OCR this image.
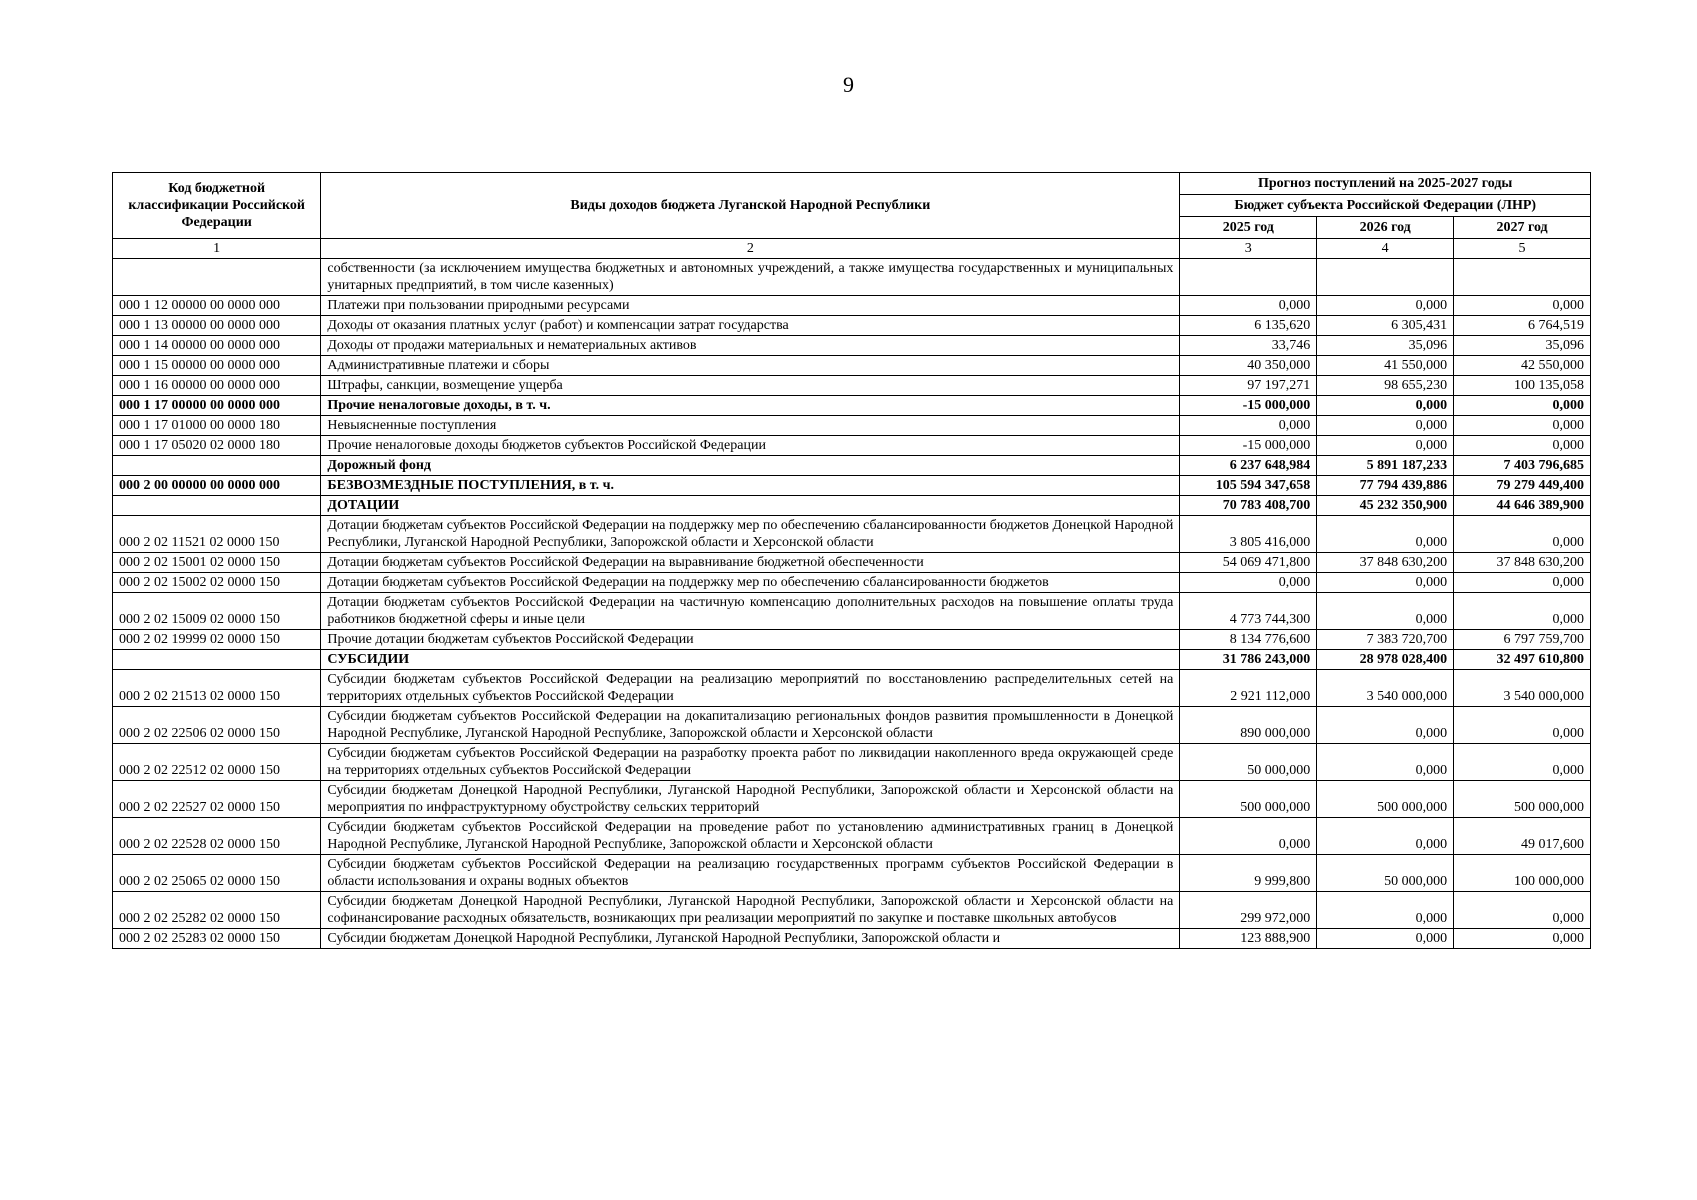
9
Код бюджетной классификации Российской Федерации	Виды доходов бюджета Луганской Народной Республики	Прогноз поступлений на 2025-2027 годы		
		Бюджет субъекта Российской Федерации (ЛНР)		
		2025 год	2026 год	2027 год
1	2	3	4	5
	собственности (за исключением имущества бюджетных и автономных учреждений, а также имущества государственных и муниципальных унитарных предприятий, в том числе казенных)			
000 1 12 00000 00 0000 000	Платежи при пользовании природными ресурсами	0,000	0,000	0,000
000 1 13 00000 00 0000 000	Доходы от оказания платных услуг (работ) и компенсации затрат государства	6 135,620	6 305,431	6 764,519
000 1 14 00000 00 0000 000	Доходы от продажи материальных и нематериальных активов	33,746	35,096	35,096
000 1 15 00000 00 0000 000	Административные платежи и сборы	40 350,000	41 550,000	42 550,000
000 1 16 00000 00 0000 000	Штрафы, санкции, возмещение ущерба	97 197,271	98 655,230	100 135,058
000 1 17 00000 00 0000 000	Прочие неналоговые доходы, в т. ч.	-15 000,000	0,000	0,000
000 1 17 01000 00 0000 180	Невыясненные поступления	0,000	0,000	0,000
000 1 17 05020 02 0000 180	Прочие неналоговые доходы бюджетов субъектов Российской Федерации	-15 000,000	0,000	0,000
	Дорожный фонд	6 237 648,984	5 891 187,233	7 403 796,685
000 2 00 00000 00 0000 000	БЕЗВОЗМЕЗДНЫЕ ПОСТУПЛЕНИЯ, в т. ч.	105 594 347,658	77 794 439,886	79 279 449,400
	ДОТАЦИИ	70 783 408,700	45 232 350,900	44 646 389,900
000 2 02 11521 02 0000 150	Дотации бюджетам субъектов Российской Федерации на поддержку мер по обеспечению сбалансированности бюджетов Донецкой Народной Республики, Луганской Народной Республики, Запорожской области и Херсонской области	3 805 416,000	0,000	0,000
000 2 02 15001 02 0000 150	Дотации бюджетам субъектов Российской Федерации на выравнивание бюджетной обеспеченности	54 069 471,800	37 848 630,200	37 848 630,200
000 2 02 15002 02 0000 150	Дотации бюджетам субъектов Российской Федерации на поддержку мер по обеспечению сбалансированности бюджетов	0,000	0,000	0,000
000 2 02 15009 02 0000 150	Дотации бюджетам субъектов Российской Федерации на частичную компенсацию дополнительных расходов на повышение оплаты труда работников бюджетной сферы и иные цели	4 773 744,300	0,000	0,000
000 2 02 19999 02 0000 150	Прочие дотации бюджетам субъектов Российской Федерации	8 134 776,600	7 383 720,700	6 797 759,700
	СУБСИДИИ	31 786 243,000	28 978 028,400	32 497 610,800
000 2 02 21513 02 0000 150	Субсидии бюджетам субъектов Российской Федерации на реализацию мероприятий по восстановлению распределительных сетей на территориях отдельных субъектов Российской Федерации	2 921 112,000	3 540 000,000	3 540 000,000
000 2 02 22506 02 0000 150	Субсидии бюджетам субъектов Российской Федерации на докапитализацию региональных фондов развития промышленности в Донецкой Народной Республике, Луганской Народной Республике, Запорожской области и Херсонской области	890 000,000	0,000	0,000
000 2 02 22512 02 0000 150	Субсидии бюджетам субъектов Российской Федерации на разработку проекта работ по ликвидации накопленного вреда окружающей среде на территориях отдельных субъектов Российской Федерации	50 000,000	0,000	0,000
000 2 02 22527 02 0000 150	Субсидии бюджетам Донецкой Народной Республики, Луганской Народной Республики, Запорожской области и Херсонской области на мероприятия по инфраструктурному обустройству сельских территорий	500 000,000	500 000,000	500 000,000
000 2 02 22528 02 0000 150	Субсидии бюджетам субъектов Российской Федерации на проведение работ по установлению административных границ в Донецкой Народной Республике, Луганской Народной Республике, Запорожской области и Херсонской области	0,000	0,000	49 017,600
000 2 02 25065 02 0000 150	Субсидии бюджетам субъектов Российской Федерации на реализацию государственных программ субъектов Российской Федерации в области использования и охраны водных объектов	9 999,800	50 000,000	100 000,000
000 2 02 25282 02 0000 150	Субсидии бюджетам Донецкой Народной Республики, Луганской Народной Республики, Запорожской области и Херсонской области на софинансирование расходных обязательств, возникающих при реализации мероприятий по закупке и поставке школьных автобусов	299 972,000	0,000	0,000
000 2 02 25283 02 0000 150	Субсидии бюджетам Донецкой Народной Республики, Луганской Народной Республики, Запорожской области и	123 888,900	0,000	0,000
